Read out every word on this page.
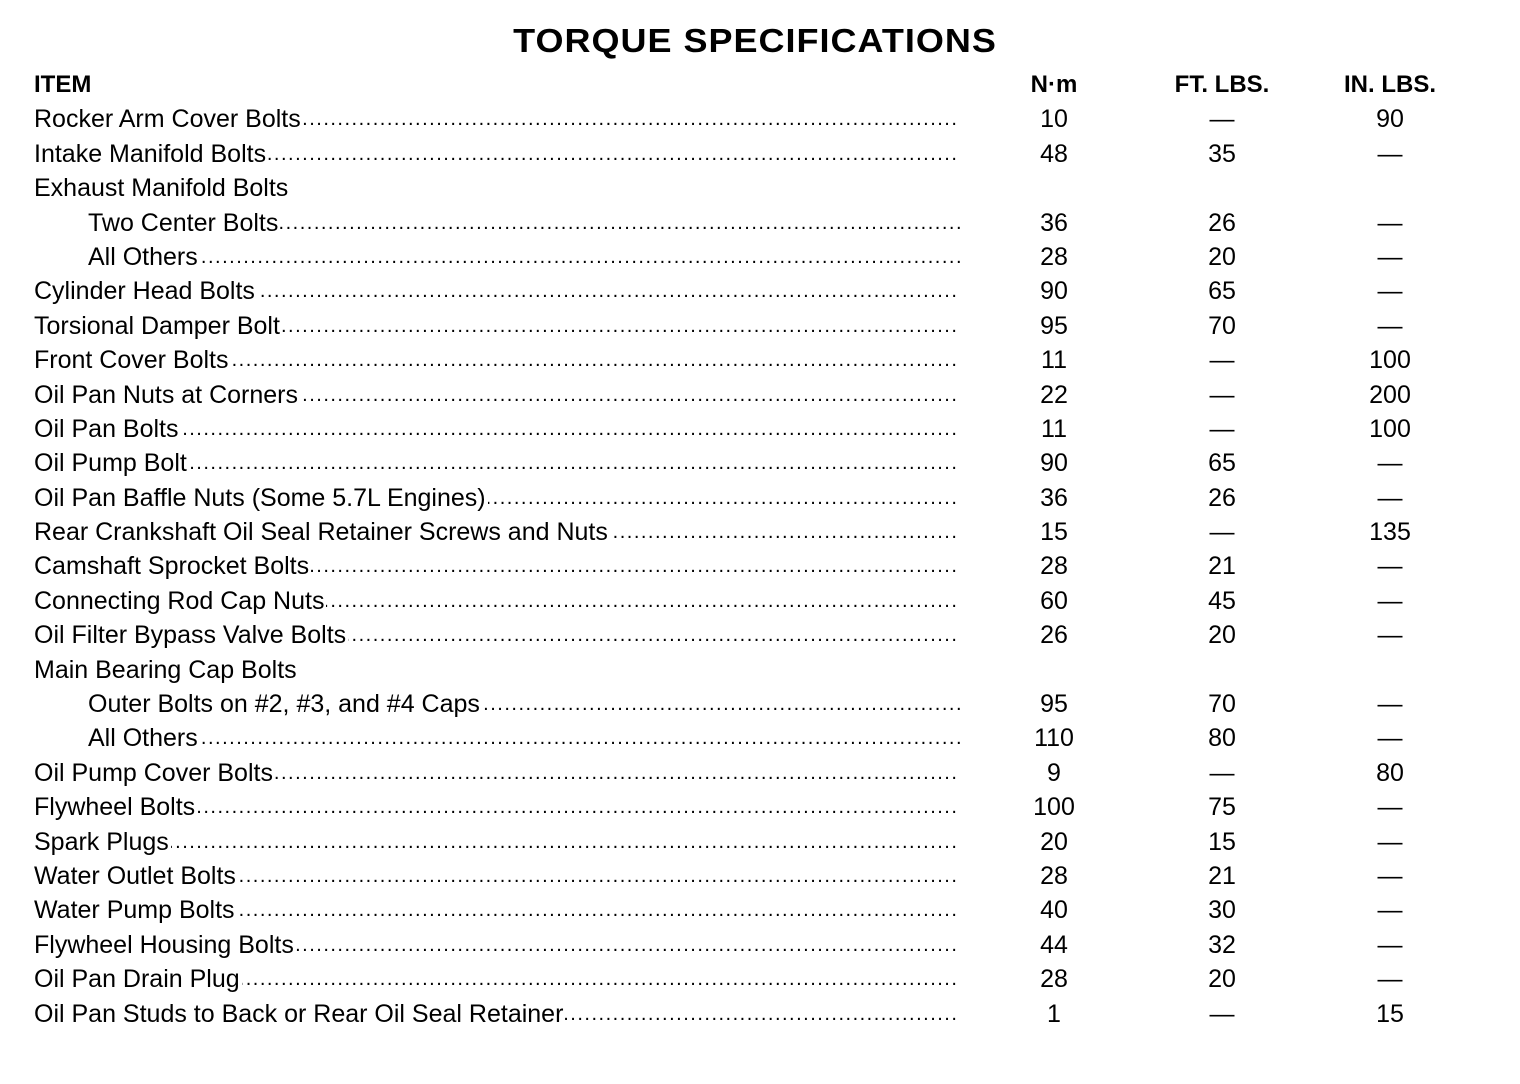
TORQUE SPECIFICATIONS
ITEM	N·m	FT. LBS.	IN. LBS.
Rocker Arm Cover Bolts .....	10	—	90
Intake Manifold Bolts .....	48	35	—
Exhaust Manifold Bolts
Two Center Bolts .....	36	26	—
All Others .....	28	20	—
Cylinder Head Bolts .....	90	65	—
Torsional Damper Bolt .....	95	70	—
Front Cover Bolts .....	11	—	100
Oil Pan Nuts at Corners .....	22	—	200
Oil Pan Bolts .....	11	—	100
Oil Pump Bolt .....	90	65	—
Oil Pan Baffle Nuts (Some 5.7L Engines) .....	36	26	—
Rear Crankshaft Oil Seal Retainer Screws and Nuts .....	15	—	135
Camshaft Sprocket Bolts .....	28	21	—
Connecting Rod Cap Nuts .....	60	45	—
Oil Filter Bypass Valve Bolts .....	26	20	—
Main Bearing Cap Bolts
Outer Bolts on #2, #3, and #4 Caps .....	95	70	—
All Others .....	110	80	—
Oil Pump Cover Bolts .....	9	—	80
Flywheel Bolts .....	100	75	—
Spark Plugs .....	20	15	—
Water Outlet Bolts .....	28	21	—
Water Pump Bolts .....	40	30	—
Flywheel Housing Bolts .....	44	32	—
Oil Pan Drain Plug .....	28	20	—
Oil Pan Studs to Back or Rear Oil Seal Retainer .....	1	—	15
